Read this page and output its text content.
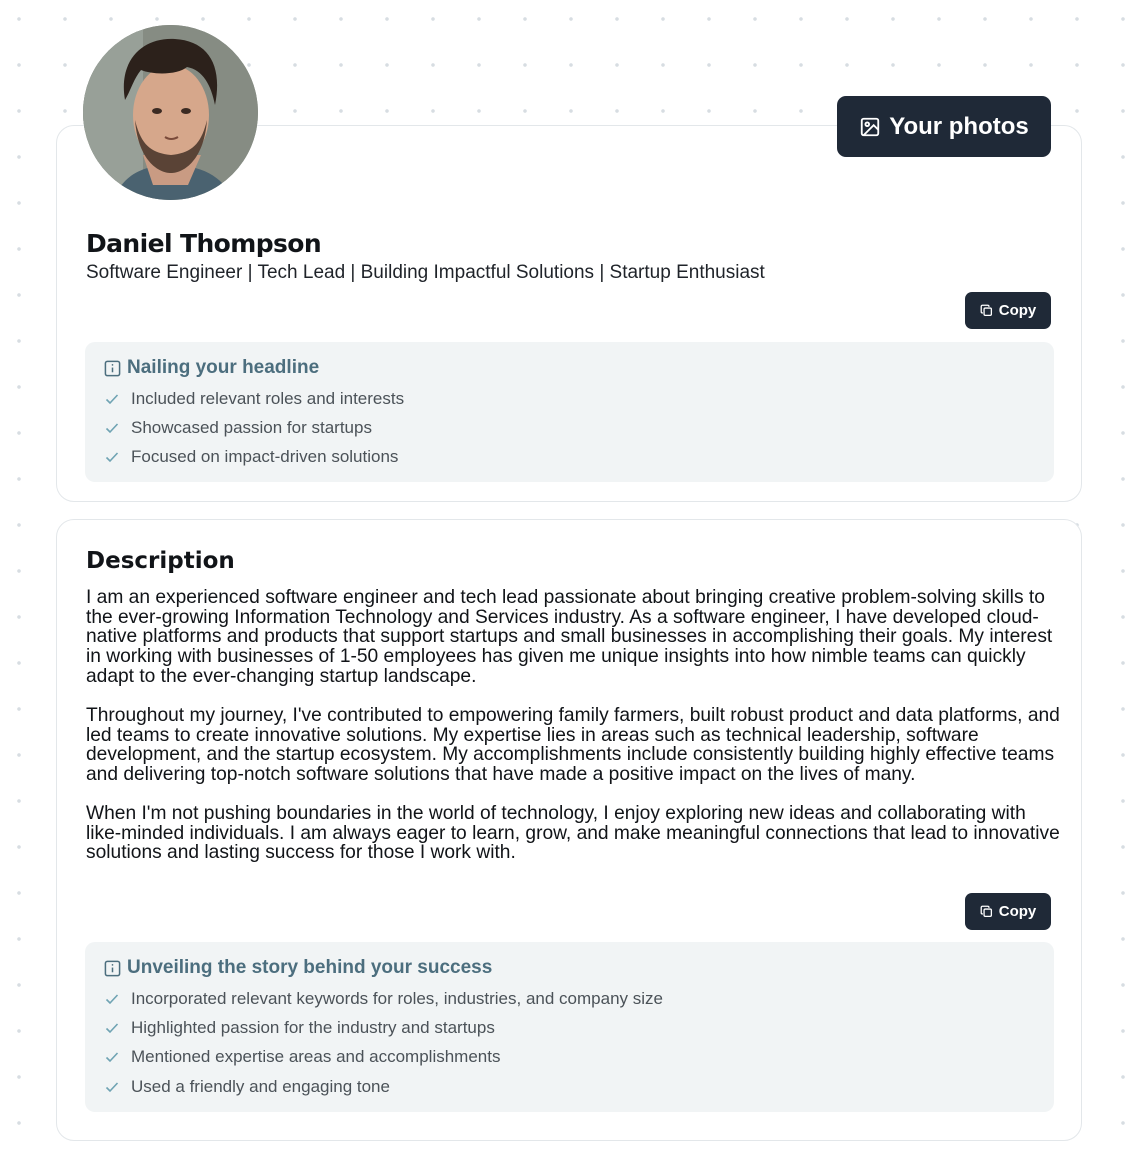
Your photos
Daniel Thompson
Software Engineer | Tech Lead | Building Impactful Solutions | Startup Enthusiast
Copy
Nailing your headline
Included relevant roles and interests
Showcased passion for startups
Focused on impact-driven solutions
Description

I am an experienced software engineer and tech lead passionate about bringing creative problem-solving skills to the ever-growing Information Technology and Services industry. As a software engineer, I have developed cloud-native platforms and products that support startups and small businesses in accomplishing their goals. My interest in working with businesses of 1-50 employees has given me unique insights into how nimble teams can quickly adapt to the ever-changing startup landscape.

Throughout my journey, I've contributed to empowering family farmers, built robust product and data platforms, and led teams to create innovative solutions. My expertise lies in areas such as technical leadership, software development, and the startup ecosystem. My accomplishments include consistently building highly effective teams and delivering top-notch software solutions that have made a positive impact on the lives of many.

When I'm not pushing boundaries in the world of technology, I enjoy exploring new ideas and collaborating with like-minded individuals. I am always eager to learn, grow, and make meaningful connections that lead to innovative solutions and lasting success for those I work with.

Copy
Unveiling the story behind your success
Incorporated relevant keywords for roles, industries, and company size
Highlighted passion for the industry and startups
Mentioned expertise areas and accomplishments
Used a friendly and engaging tone
